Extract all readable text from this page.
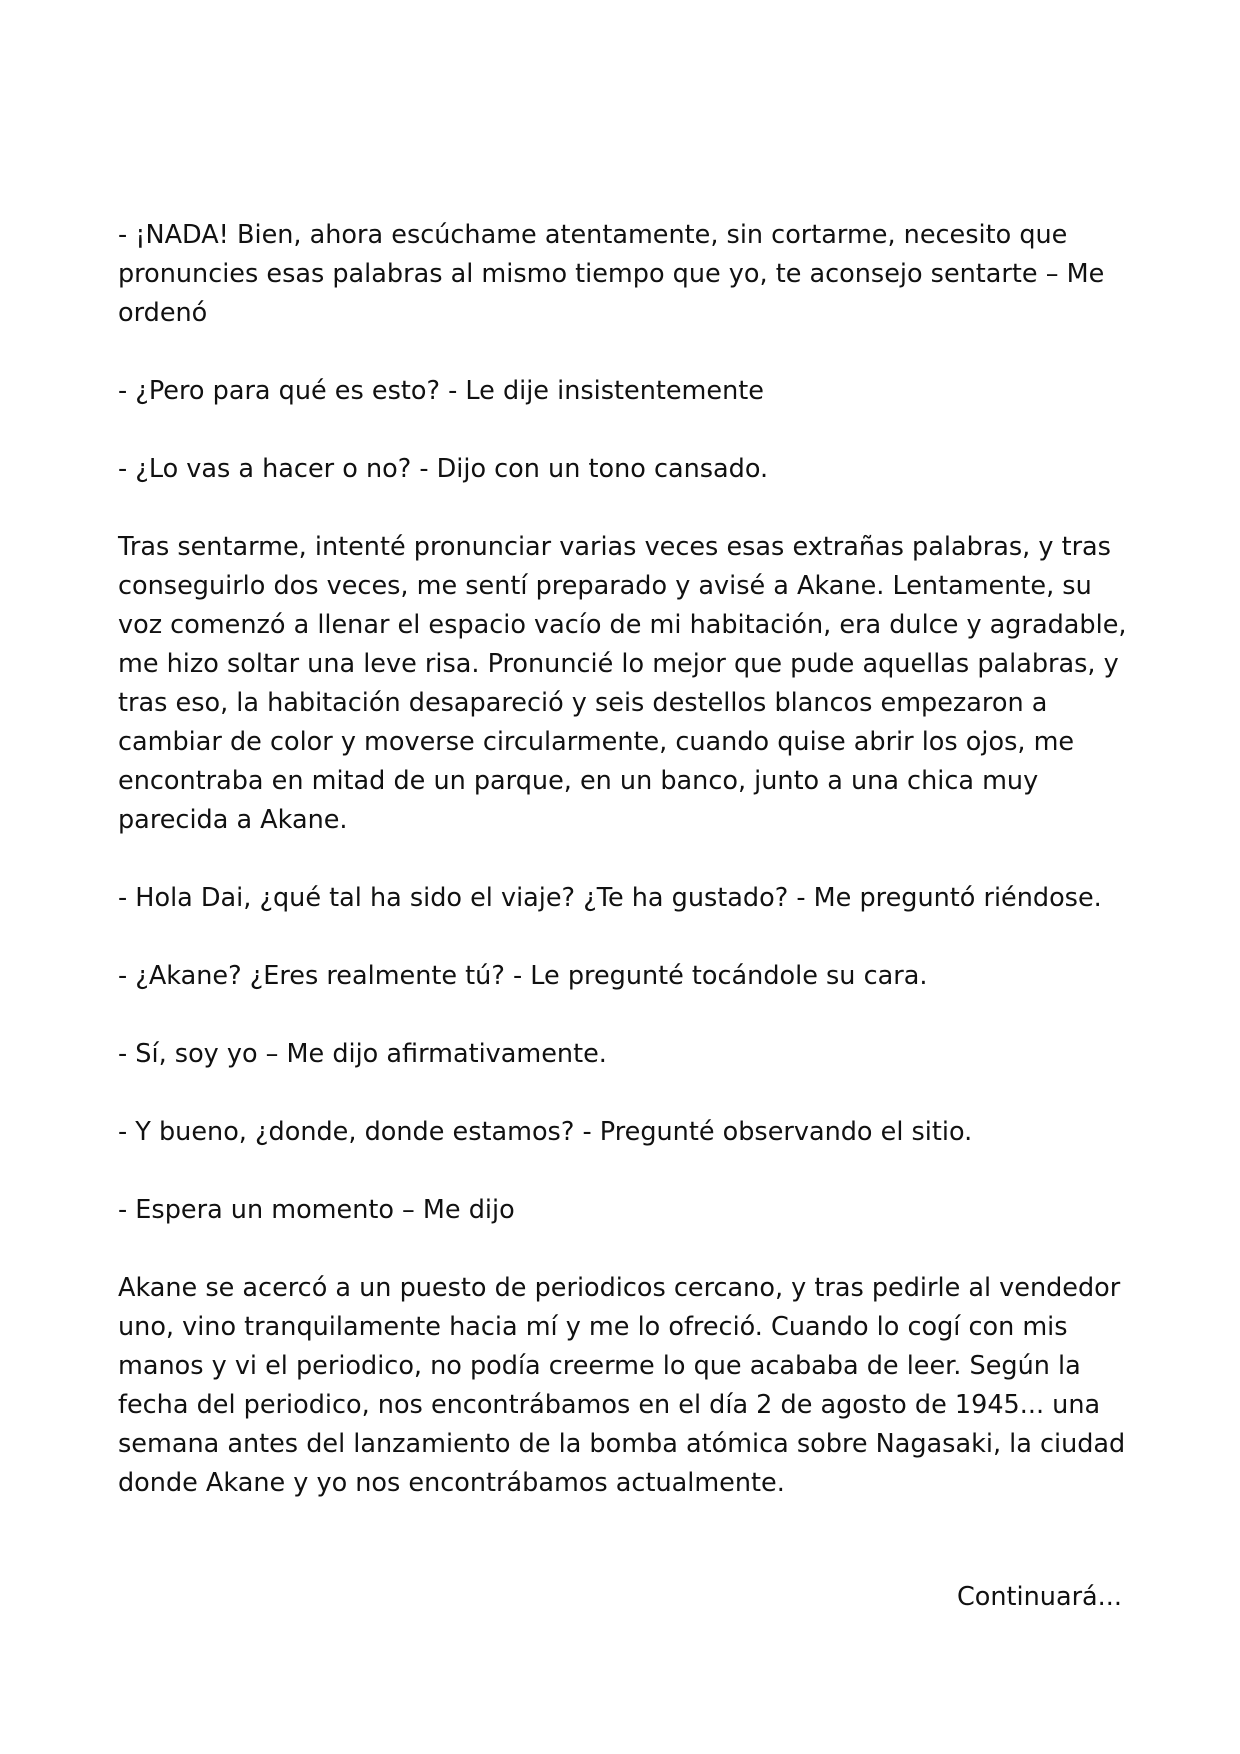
- ¡NADA! Bien, ahora escúchame atentamente, sin cortarme, necesito que pronuncies esas palabras al mismo tiempo que yo, te aconsejo sentarte – Me ordenó

- ¿Pero para qué es esto? - Le dije insistentemente

- ¿Lo vas a hacer o no? - Dijo con un tono cansado.

Tras sentarme, intenté pronunciar varias veces esas extrañas palabras, y tras conseguirlo dos veces, me sentí preparado y avisé a Akane. Lentamente, su voz comenzó a llenar el espacio vacío de mi habitación, era dulce y agradable, me hizo soltar una leve risa. Pronuncié lo mejor que pude aquellas palabras, y tras eso, la habitación desapareció y seis destellos blancos empezaron a cambiar de color y moverse circularmente, cuando quise abrir los ojos, me encontraba en mitad de un parque, en un banco, junto a una chica muy parecida a Akane.

- Hola Dai, ¿qué tal ha sido el viaje? ¿Te ha gustado? - Me preguntó riéndose.

- ¿Akane? ¿Eres realmente tú? - Le pregunté tocándole su cara.

- Sí, soy yo – Me dijo afirmativamente.

- Y bueno, ¿donde, donde estamos? - Pregunté observando el sitio.

- Espera un momento – Me dijo

Akane se acercó a un puesto de periodicos cercano, y tras pedirle al vendedor uno, vino tranquilamente hacia mí y me lo ofreció. Cuando lo cogí con mis manos y vi el periodico, no podía creerme lo que acababa de leer. Según la fecha del periodico, nos encontrábamos en el día 2 de agosto de 1945... una semana antes del lanzamiento de la bomba atómica sobre Nagasaki, la ciudad donde Akane y yo nos encontrábamos actualmente.

Continuará...
